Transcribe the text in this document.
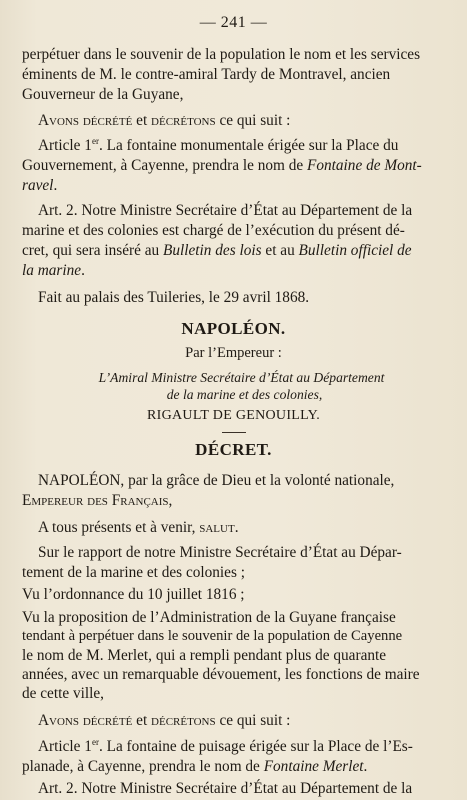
— 241 —
perpétuer dans le souvenir de la population le nom et les services
éminents de M. le contre-amiral Tardy de Montravel, ancien
Gouverneur de la Guyane,
Avons décrété et décrétons ce qui suit :
Article 1er. La fontaine monumentale érigée sur la Place du
Gouvernement, à Cayenne, prendra le nom de Fontaine de Mont-
ravel.
Art. 2. Notre Ministre Secrétaire d’État au Département de la
marine et des colonies est chargé de l’exécution du présent dé-
cret, qui sera inséré au Bulletin des lois et au Bulletin officiel de
la marine.
Fait au palais des Tuileries, le 29 avril 1868.
NAPOLÉON.
Par l’Empereur :
L’Amiral Ministre Secrétaire d’État au Département
de la marine et des colonies,
RIGAULT DE GENOUILLY.
DÉCRET.
NAPOLÉON, par la grâce de Dieu et la volonté nationale,
Empereur des Français,
A tous présents et à venir, salut.
Sur le rapport de notre Ministre Secrétaire d’État au Dépar-
tement de la marine et des colonies ;
Vu l’ordonnance du 10 juillet 1816 ;
Vu la proposition de l’Administration de la Guyane française
tendant à perpétuer dans le souvenir de la population de Cayenne
le nom de M. Merlet, qui a rempli pendant plus de quarante
années, avec un remarquable dévouement, les fonctions de maire
de cette ville,
Avons décrété et décrétons ce qui suit :
Article 1er. La fontaine de puisage érigée sur la Place de l’Es-
planade, à Cayenne, prendra le nom de Fontaine Merlet.
Art. 2. Notre Ministre Secrétaire d’État au Département de la
